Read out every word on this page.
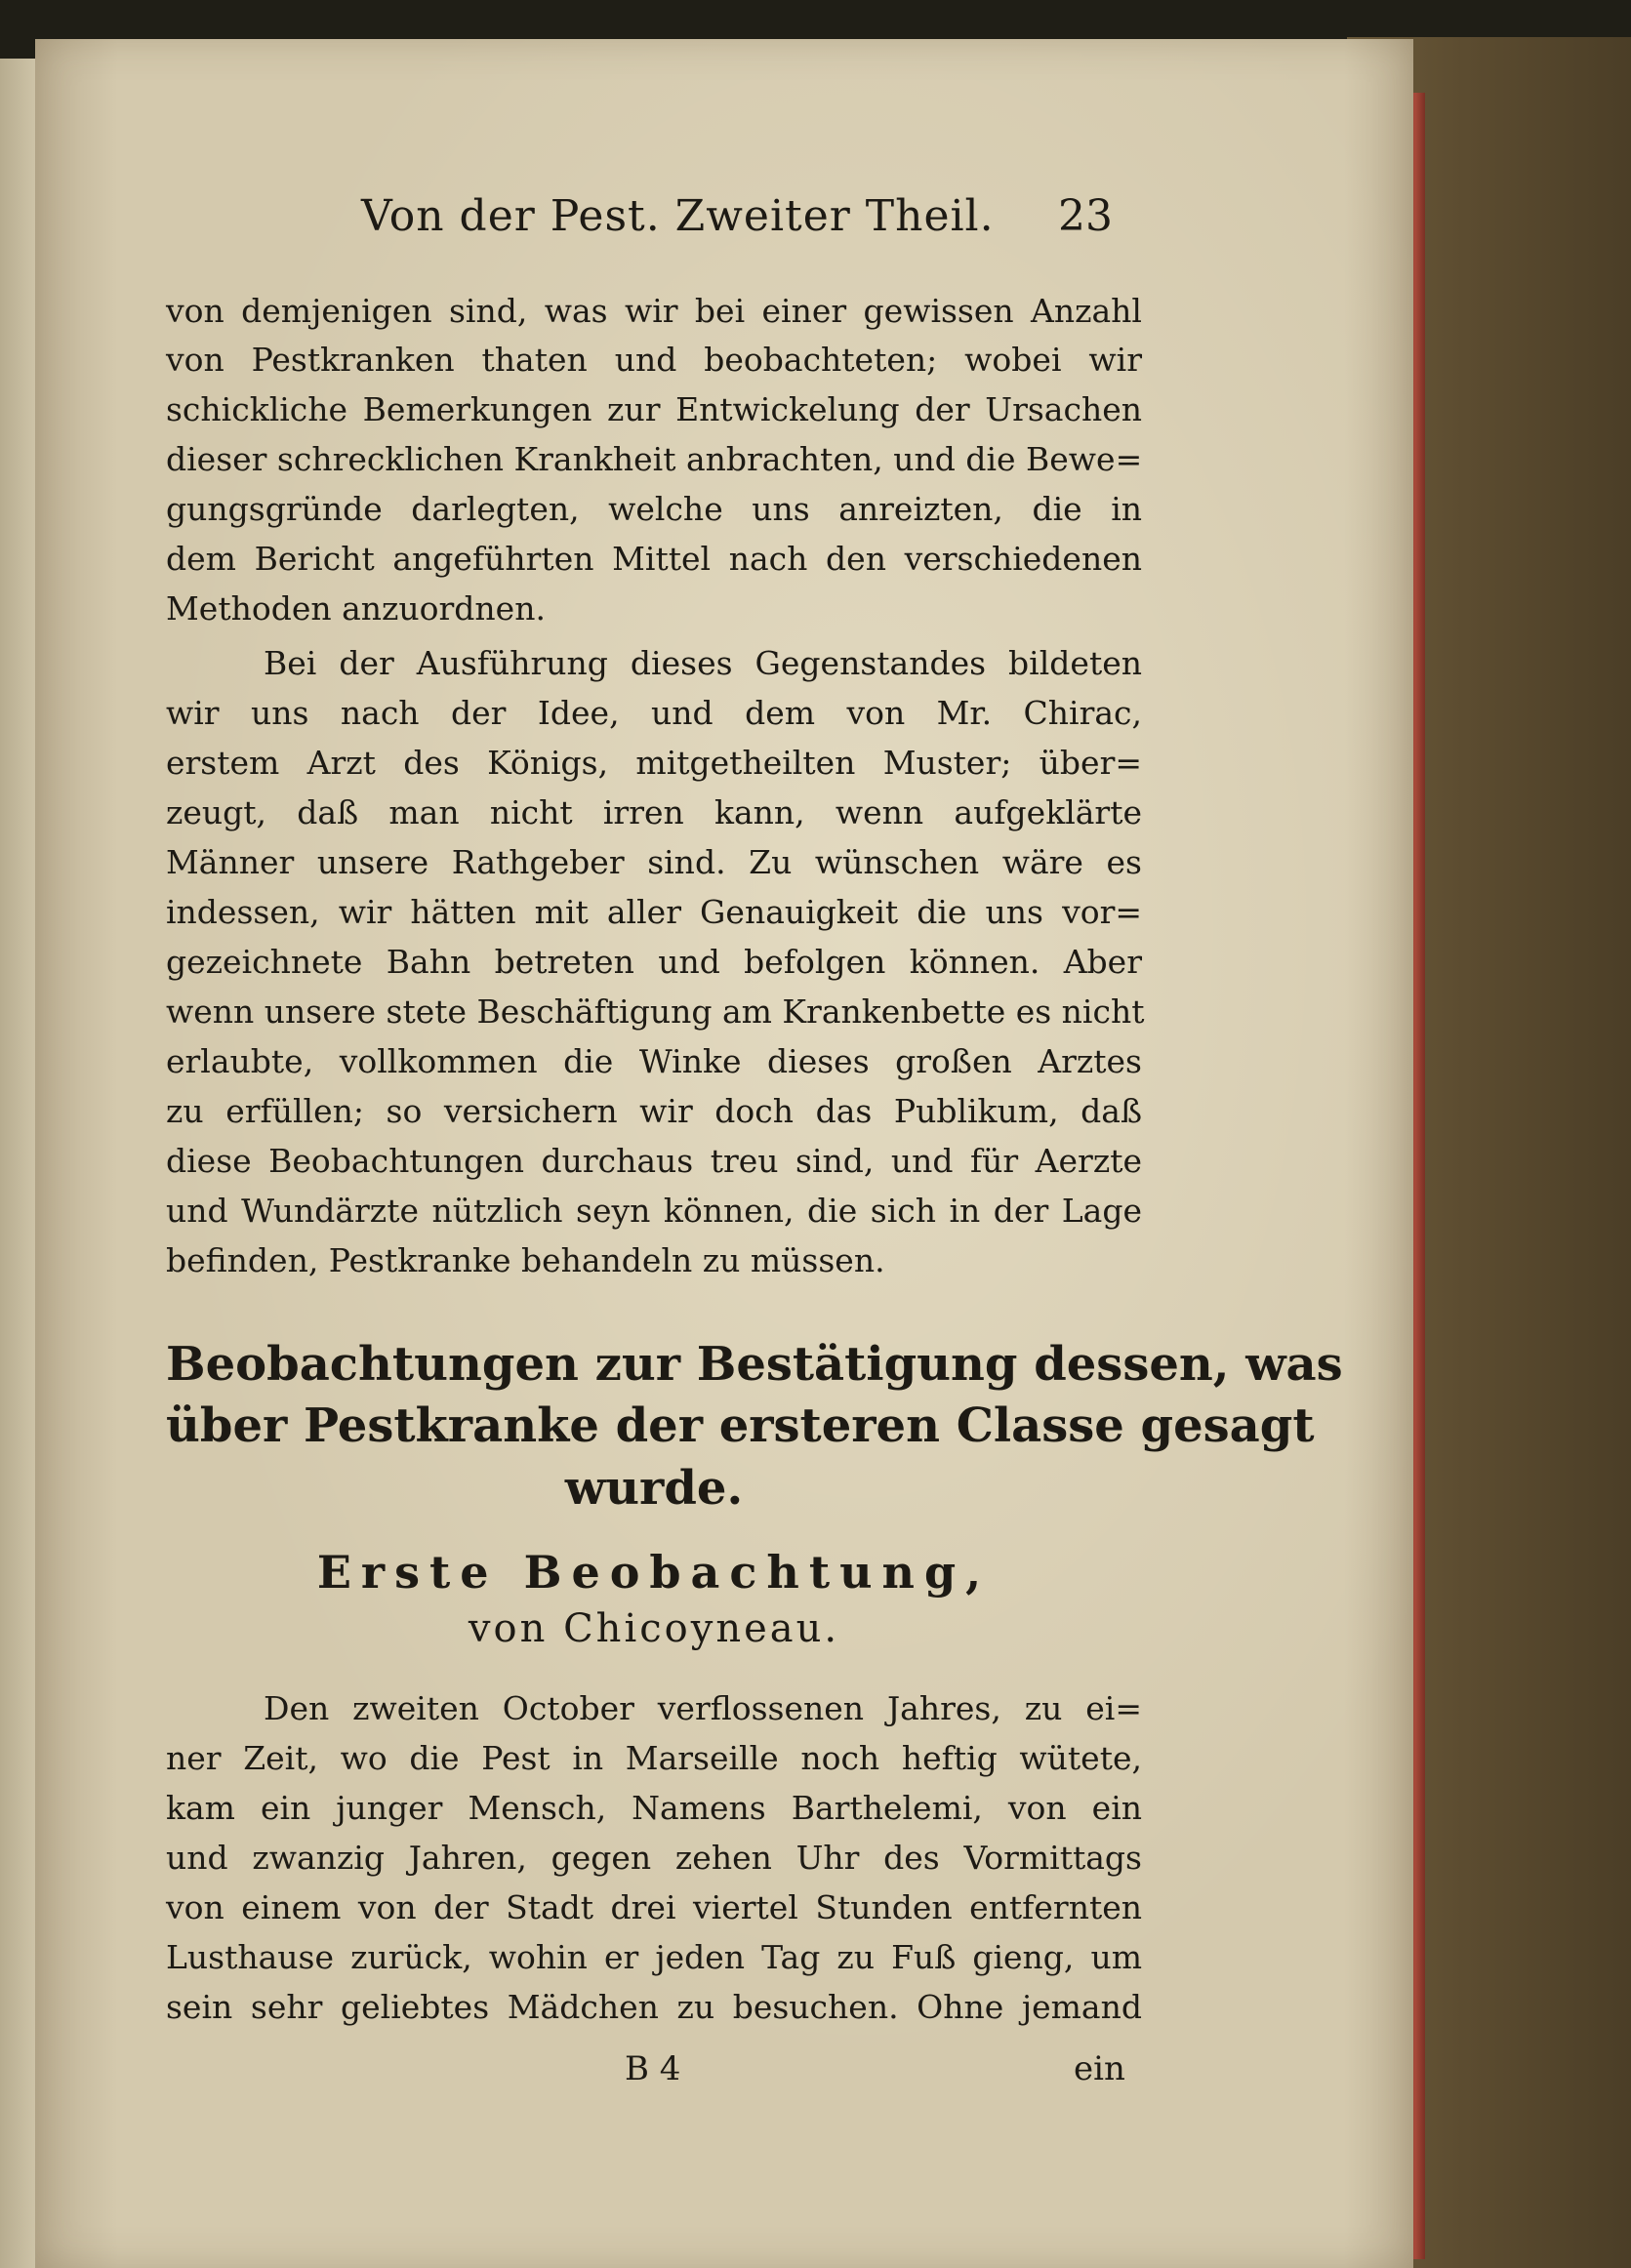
Von der Pest. Zweiter Theil. 23
von demjenigen sind, was wir bei einer gewissen Anzahl
von Pestkranken thaten und beobachteten; wobei wir
schickliche Bemerkungen zur Entwickelung der Ursachen
dieser schrecklichen Krankheit anbrachten, und die Bewe=
gungsgründe darlegten, welche uns anreizten, die in
dem Bericht angeführten Mittel nach den verschiedenen
Methoden anzuordnen.
Bei der Ausführung dieses Gegenstandes bildeten
wir uns nach der Idee, und dem von Mr. Chirac,
erstem Arzt des Königs, mitgetheilten Muster; über=
zeugt, daß man nicht irren kann, wenn aufgeklärte
Männer unsere Rathgeber sind. Zu wünschen wäre es
indessen, wir hätten mit aller Genauigkeit die uns vor=
gezeichnete Bahn betreten und befolgen können. Aber
wenn unsere stete Beschäftigung am Krankenbette es nicht
erlaubte, vollkommen die Winke dieses großen Arztes
zu erfüllen; so versichern wir doch das Publikum, daß
diese Beobachtungen durchaus treu sind, und für Aerzte
und Wundärzte nützlich seyn können, die sich in der Lage
befinden, Pestkranke behandeln zu müssen.
Beobachtungen zur Bestätigung dessen, was
über Pestkranke der ersteren Classe gesagt
wurde.
Erste Beobachtung,
von Chicoyneau.
Den zweiten October verflossenen Jahres, zu ei=
ner Zeit, wo die Pest in Marseille noch heftig wütete,
kam ein junger Mensch, Namens Barthelemi, von ein
und zwanzig Jahren, gegen zehen Uhr des Vormittags
von einem von der Stadt drei viertel Stunden entfernten
Lusthause zurück, wohin er jeden Tag zu Fuß gieng, um
sein sehr geliebtes Mädchen zu besuchen. Ohne jemand
B 4	ein
